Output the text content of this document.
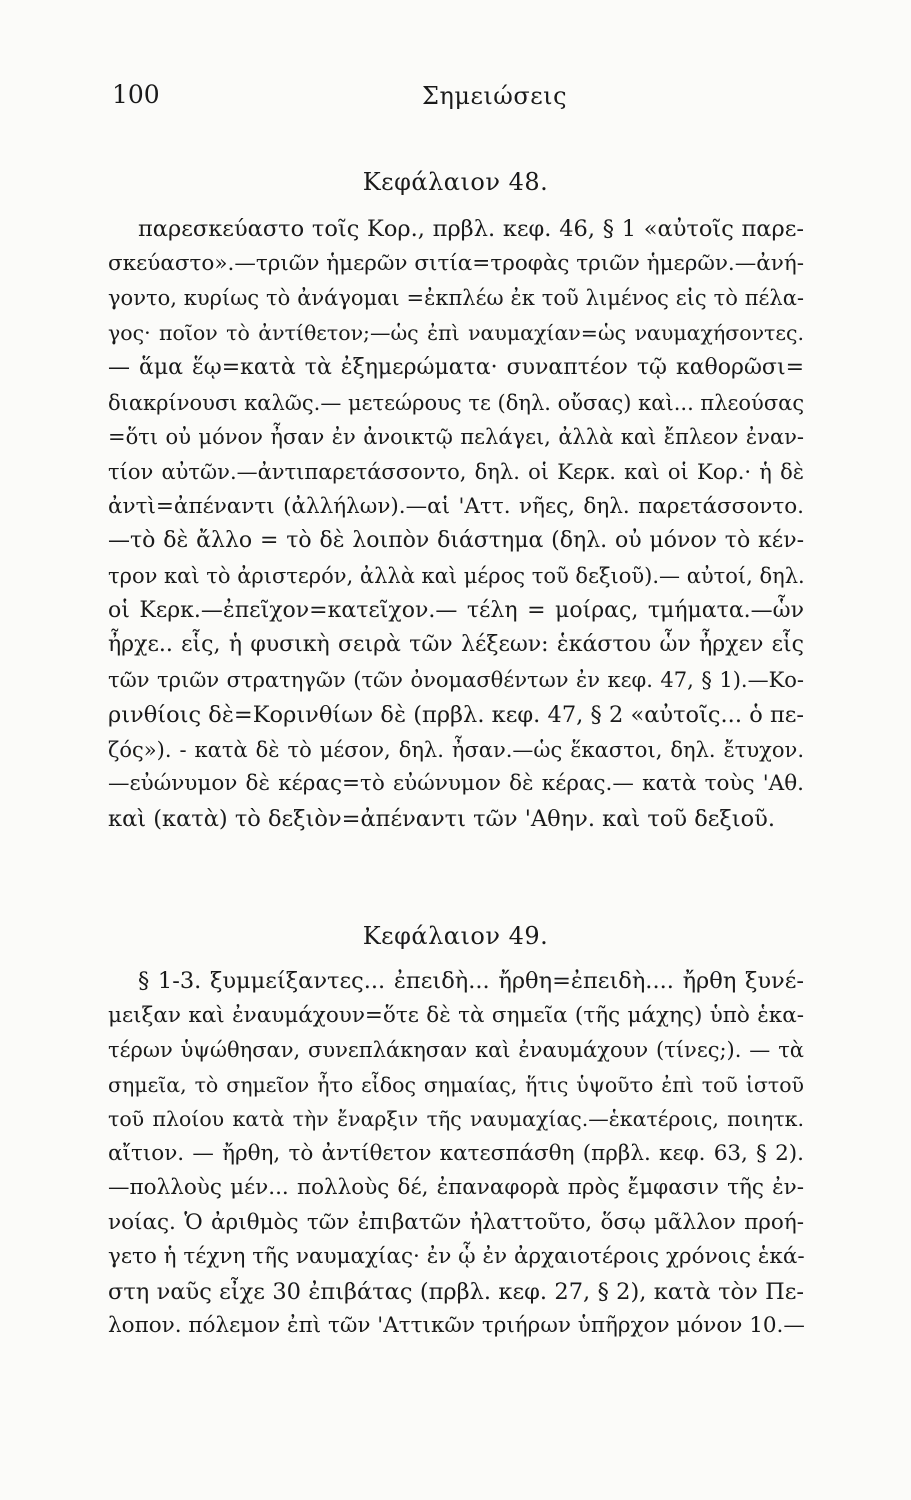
100	Σημειώσεις
Κεφάλαιον 48.
παρεσκεύαστο τοῖς Κορ., πρβλ. κεφ. 46, § 1 «αὐτοῖς παρε-
σκεύαστο».—τριῶν ἡμερῶν σιτία=τροφὰς τριῶν ἡμερῶν.—ἀνή-
γοντο, κυρίως τὸ ἀνάγομαι =ἐκπλέω ἐκ τοῦ λιμένος εἰς τὸ πέλα-
γος· ποῖον τὸ ἀντίθετον;—ὡς ἐπὶ ναυμαχίαν=ὡς ναυμαχήσοντες.
— ἅμα ἕῳ=κατὰ τὰ ἐξημερώματα· συναπτέον τῷ καθορῶσι=
διακρίνουσι καλῶς.— μετεώρους τε (δηλ. οὔσας) καὶ... πλεούσας
=ὅτι οὐ μόνον ἦσαν ἐν ἀνοικτῷ πελάγει, ἀλλὰ καὶ ἔπλεον ἐναν-
τίον αὐτῶν.—ἀντιπαρετάσσοντο, δηλ. οἱ Κερκ. καὶ οἱ Κορ.· ἡ δὲ
ἀντὶ=ἀπέναντι (ἀλλήλων).—αἱ 'Αττ. νῆες, δηλ. παρετάσσοντο.
—τὸ δὲ ἄλλο = τὸ δὲ λοιπὸν διάστημα (δηλ. οὐ μόνον τὸ κέν-
τρον καὶ τὸ ἀριστερόν, ἀλλὰ καὶ μέρος τοῦ δεξιοῦ).— αὐτοί, δηλ.
οἱ Κερκ.—ἐπεῖχον=κατεῖχον.— τέλη = μοίρας, τμήματα.—ὧν
ἦρχε.. εἷς, ἡ φυσικὴ σειρὰ τῶν λέξεων: ἑκάστου ὧν ἦρχεν εἷς
τῶν τριῶν στρατηγῶν (τῶν ὀνομασθέντων ἐν κεφ. 47, § 1).—Κο-
ρινθίοις δὲ=Κορινθίων δὲ (πρβλ. κεφ. 47, § 2 «αὐτοῖς... ὁ πε-
ζός»). - κατὰ δὲ τὸ μέσον, δηλ. ἦσαν.—ὡς ἕκαστοι, δηλ. ἔτυχον.
—εὐώνυμον δὲ κέρας=τὸ εὐώνυμον δὲ κέρας.— κατὰ τοὺς 'Αθ.
καὶ (κατὰ) τὸ δεξιὸν=ἀπέναντι τῶν 'Αθην. καὶ τοῦ δεξιοῦ.
Κεφάλαιον 49.
§ 1-3. ξυμμείξαντες... ἐπειδὴ... ἤρθη=ἐπειδὴ.... ἤρθη ξυνέ-
μειξαν καὶ ἐναυμάχουν=ὅτε δὲ τὰ σημεῖα (τῆς μάχης) ὑπὸ ἑκα-
τέρων ὑψώθησαν, συνεπλάκησαν καὶ ἐναυμάχουν (τίνες;). — τὰ
σημεῖα, τὸ σημεῖον ἦτο εἶδος σημαίας, ἥτις ὑψοῦτο ἐπὶ τοῦ ἱστοῦ
τοῦ πλοίου κατὰ τὴν ἔναρξιν τῆς ναυμαχίας.—ἑκατέροις, ποιητκ.
αἴτιον. — ἤρθη, τὸ ἀντίθετον κατεσπάσθη (πρβλ. κεφ. 63, § 2).
—πολλοὺς μέν... πολλοὺς δέ, ἐπαναφορὰ πρὸς ἔμφασιν τῆς ἐν-
νοίας. Ὁ ἀριθμὸς τῶν ἐπιβατῶν ἠλαττοῦτο, ὅσῳ μᾶλλον προή-
γετο ἡ τέχνη τῆς ναυμαχίας· ἐν ᾧ ἐν ἀρχαιοτέροις χρόνοις ἑκά-
στη ναῦς εἶχε 30 ἐπιβάτας (πρβλ. κεφ. 27, § 2), κατὰ τὸν Πε-
λοπον. πόλεμον ἐπὶ τῶν 'Αττικῶν τριήρων ὑπῆρχον μόνον 10.—
